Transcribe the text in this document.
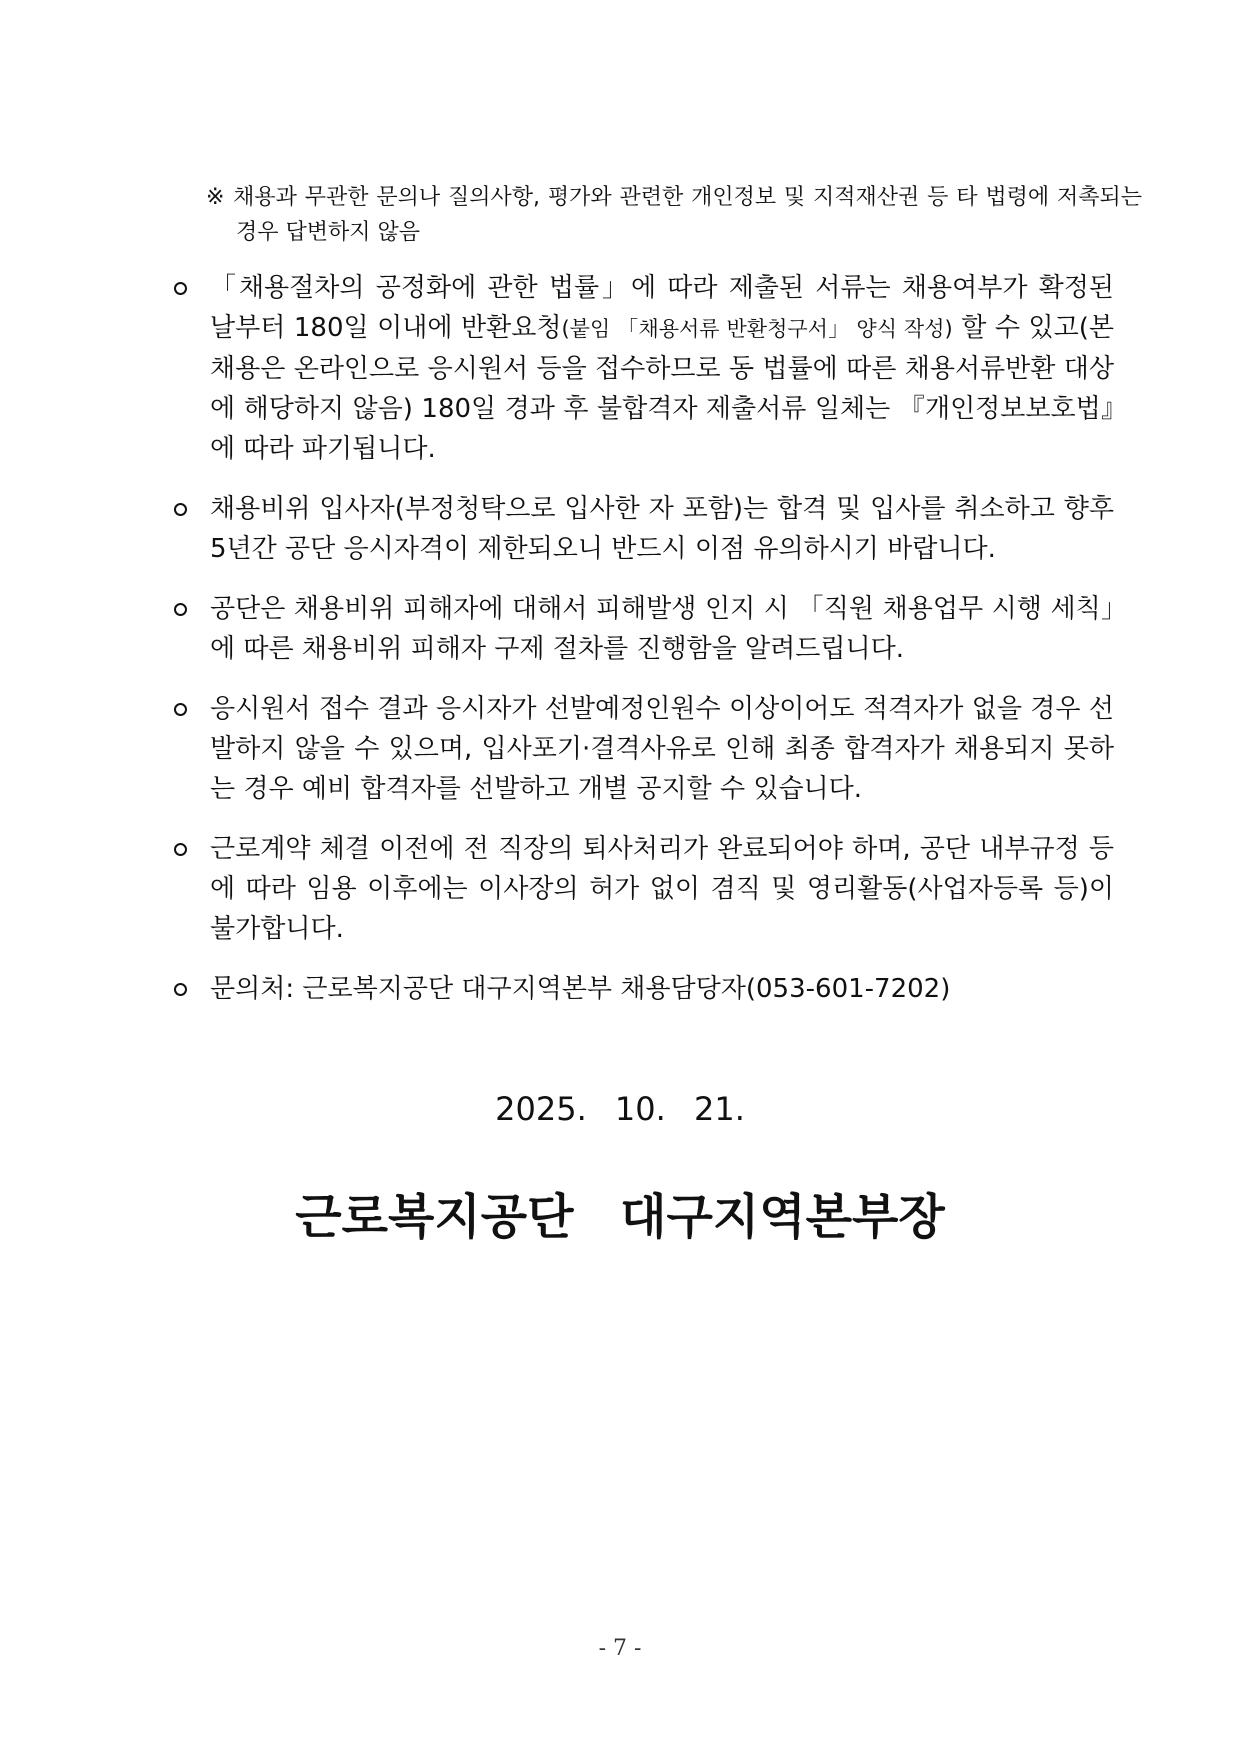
※ 채용과 무관한 문의나 질의사항, 평가와 관련한 개인정보 및 지적재산권 등 타 법령에 저촉되는 경우 답변하지 않음
「채용절차의 공정화에 관한 법률」에 따라 제출된 서류는 채용여부가 확정된 날부터 180일 이내에 반환요청(붙임 「채용서류 반환청구서」 양식 작성) 할 수 있고(본 채용은 온라인으로 응시원서 등을 접수하므로 동 법률에 따른 채용서류반환 대상에 해당하지 않음) 180일 경과 후 불합격자 제출서류 일체는 『개인정보보호법』에 따라 파기됩니다.
채용비위 입사자(부정청탁으로 입사한 자 포함)는 합격 및 입사를 취소하고 향후 5년간 공단 응시자격이 제한되오니 반드시 이점 유의하시기 바랍니다.
공단은 채용비위 피해자에 대해서 피해발생 인지 시 「직원 채용업무 시행 세칙」에 따른 채용비위 피해자 구제 절차를 진행함을 알려드립니다.
응시원서 접수 결과 응시자가 선발예정인원수 이상이어도 적격자가 없을 경우 선발하지 않을 수 있으며, 입사포기·결격사유로 인해 최종 합격자가 채용되지 못하는 경우 예비 합격자를 선발하고 개별 공지할 수 있습니다.
근로계약 체결 이전에 전 직장의 퇴사처리가 완료되어야 하며, 공단 내부규정 등에 따라 임용 이후에는 이사장의 허가 없이 겸직 및 영리활동(사업자등록 등)이 불가합니다.
문의처: 근로복지공단 대구지역본부 채용담당자(053-601-7202)
2025. 10. 21.
근로복지공단 대구지역본부장
- 7 -
